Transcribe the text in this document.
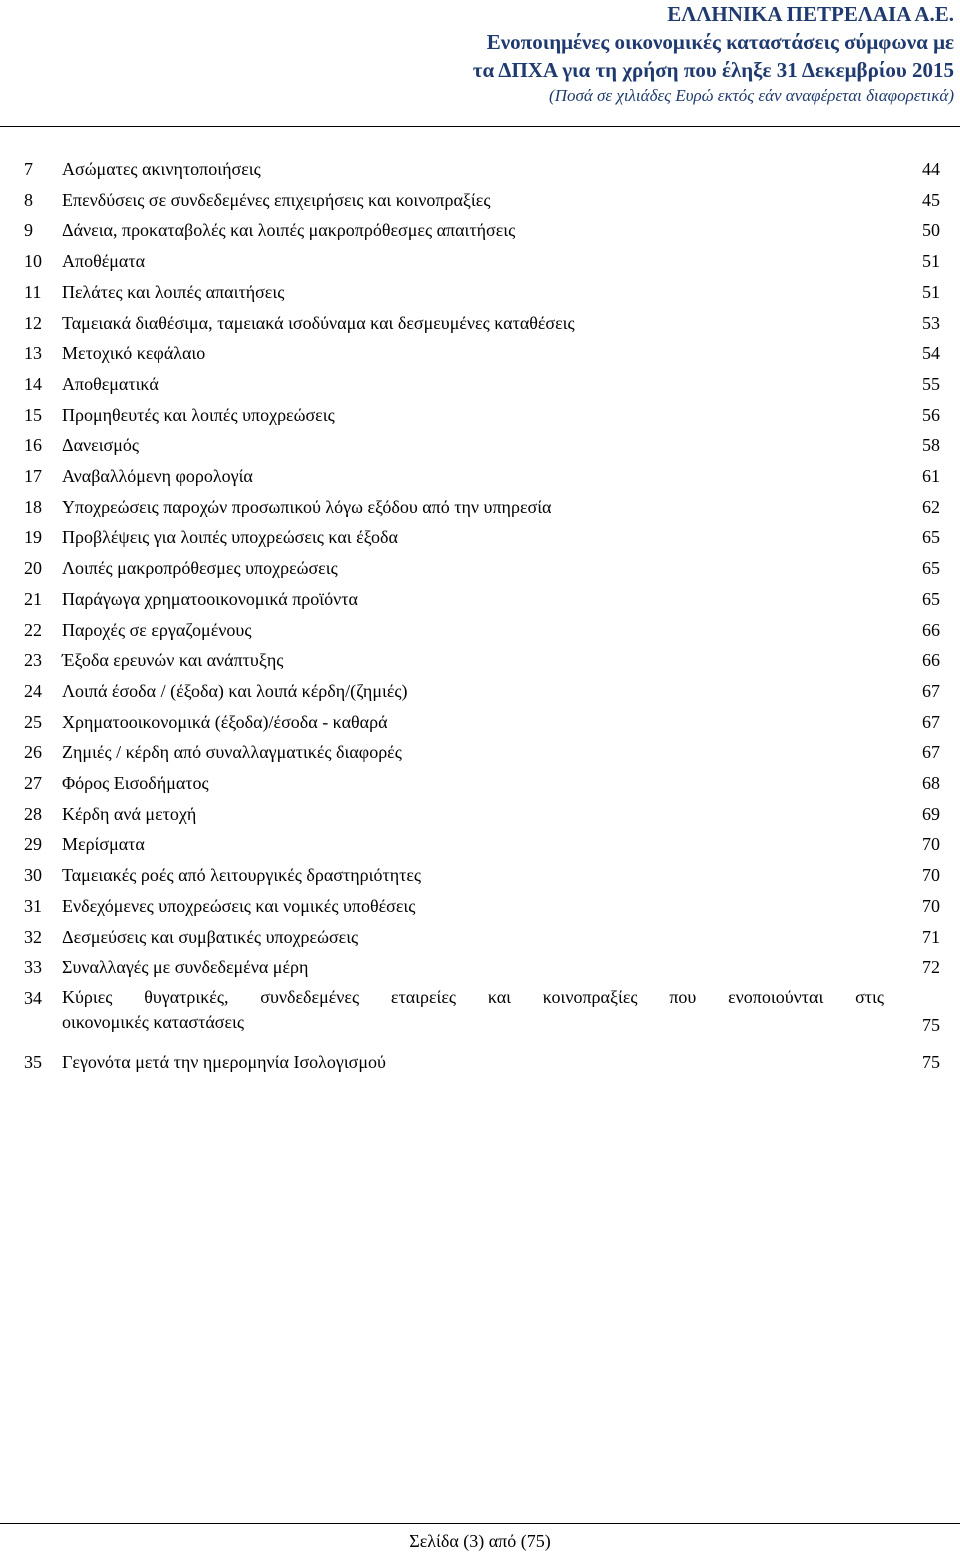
ΕΛΛΗΝΙΚΑ ΠΕΤΡΕΛΑΙΑ Α.Ε.
Ενοποιημένες οικονομικές καταστάσεις σύμφωνα με
τα ΔΠΧΑ για τη χρήση που έληξε 31 Δεκεμβρίου 2015
(Ποσά σε χιλιάδες Ευρώ εκτός εάν αναφέρεται διαφορετικά)
7	Ασώματες ακινητοποιήσεις	44
8	Επενδύσεις σε συνδεδεμένες επιχειρήσεις και κοινοπραξίες	45
9	Δάνεια, προκαταβολές και λοιπές μακροπρόθεσμες απαιτήσεις	50
10	Αποθέματα	51
11	Πελάτες και λοιπές απαιτήσεις	51
12	Ταμειακά διαθέσιμα, ταμειακά ισοδύναμα και δεσμευμένες καταθέσεις	53
13	Μετοχικό κεφάλαιο	54
14	Αποθεματικά	55
15	Προμηθευτές και λοιπές υποχρεώσεις	56
16	Δανεισμός	58
17	Αναβαλλόμενη φορολογία	61
18	Υποχρεώσεις παροχών προσωπικού λόγω εξόδου από την υπηρεσία	62
19	Προβλέψεις για λοιπές υποχρεώσεις και έξοδα	65
20	Λοιπές μακροπρόθεσμες υποχρεώσεις	65
21	Παράγωγα χρηματοοικονομικά προϊόντα	65
22	Παροχές σε εργαζομένους	66
23	Έξοδα ερευνών και ανάπτυξης	66
24	Λοιπά έσοδα / (έξοδα) και λοιπά κέρδη/(ζημιές)	67
25	Χρηματοοικονομικά (έξοδα)/έσοδα - καθαρά	67
26	Ζημιές / κέρδη από συναλλαγματικές διαφορές	67
27	Φόρος Εισοδήματος	68
28	Κέρδη ανά μετοχή	69
29	Μερίσματα	70
30	Ταμειακές ροές από λειτουργικές δραστηριότητες	70
31	Ενδεχόμενες υποχρεώσεις και νομικές υποθέσεις	70
32	Δεσμεύσεις και συμβατικές υποχρεώσεις	71
33	Συναλλαγές με συνδεδεμένα μέρη	72
34	Κύριες θυγατρικές, συνδεδεμένες εταιρείες και κοινοπραξίες που ενοποιούνται στις
οικονομικές καταστάσεις	75
35	Γεγονότα μετά την ημερομηνία Ισολογισμού	75
Σελίδα (3) από (75)
